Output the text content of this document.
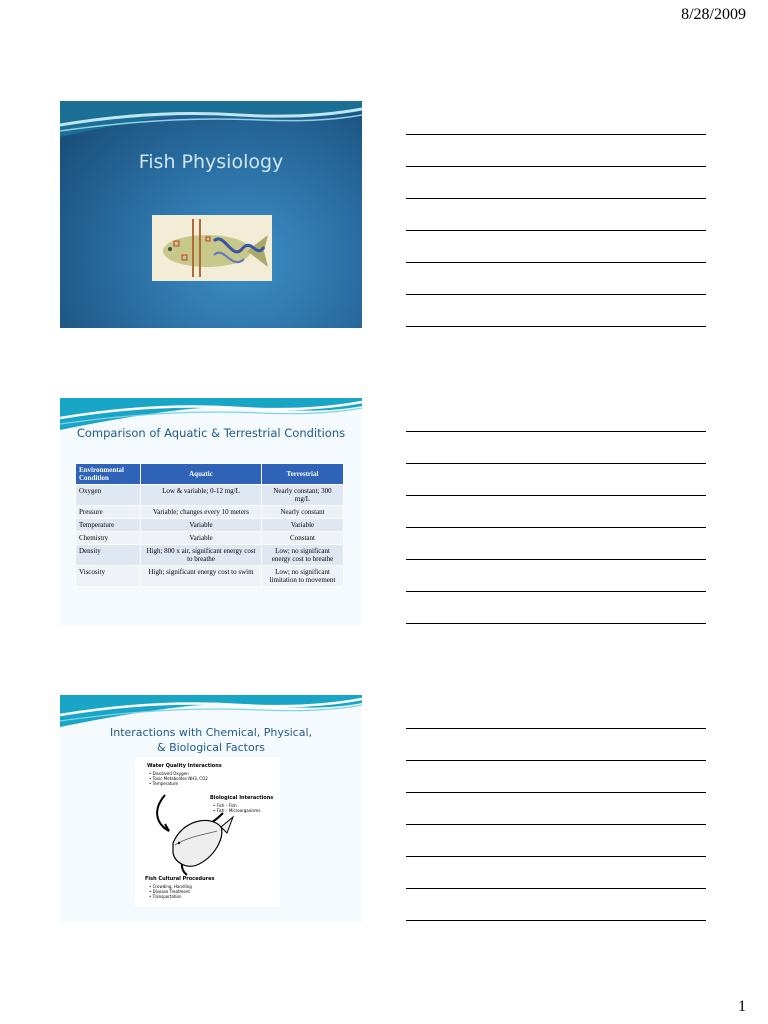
8/28/2009
Fish Physiology
Comparison of Aquatic & Terrestrial Conditions
Environmental Condition	Aquatic	Terrestrial
Oxygen	Low & variable; 0-12 mg/L	Nearly constant; 300 mg/L
Pressure	Variable; changes every 10 meters	Nearly constant
Temperature	Variable	Variable
Chemistry	Variable	Constant
Density	High; 800 x air, significant energy cost to breathe	Low; no significant energy cost to breathe
Viscosity	High; significant energy cost to swim	Low; no significant limitation to movement
Interactions with Chemical, Physical,
& Biological Factors
Water Quality Interactions
• Dissolved Oxygen
• Toxic Metabolites NH3, CO2
• Temperature
Biological Interactions
• Fish – Fish
• Fish – Microorganisms
Fish Cultural Procedures
• Crowding, Handling
• Disease Treatment
• Transportation
1
